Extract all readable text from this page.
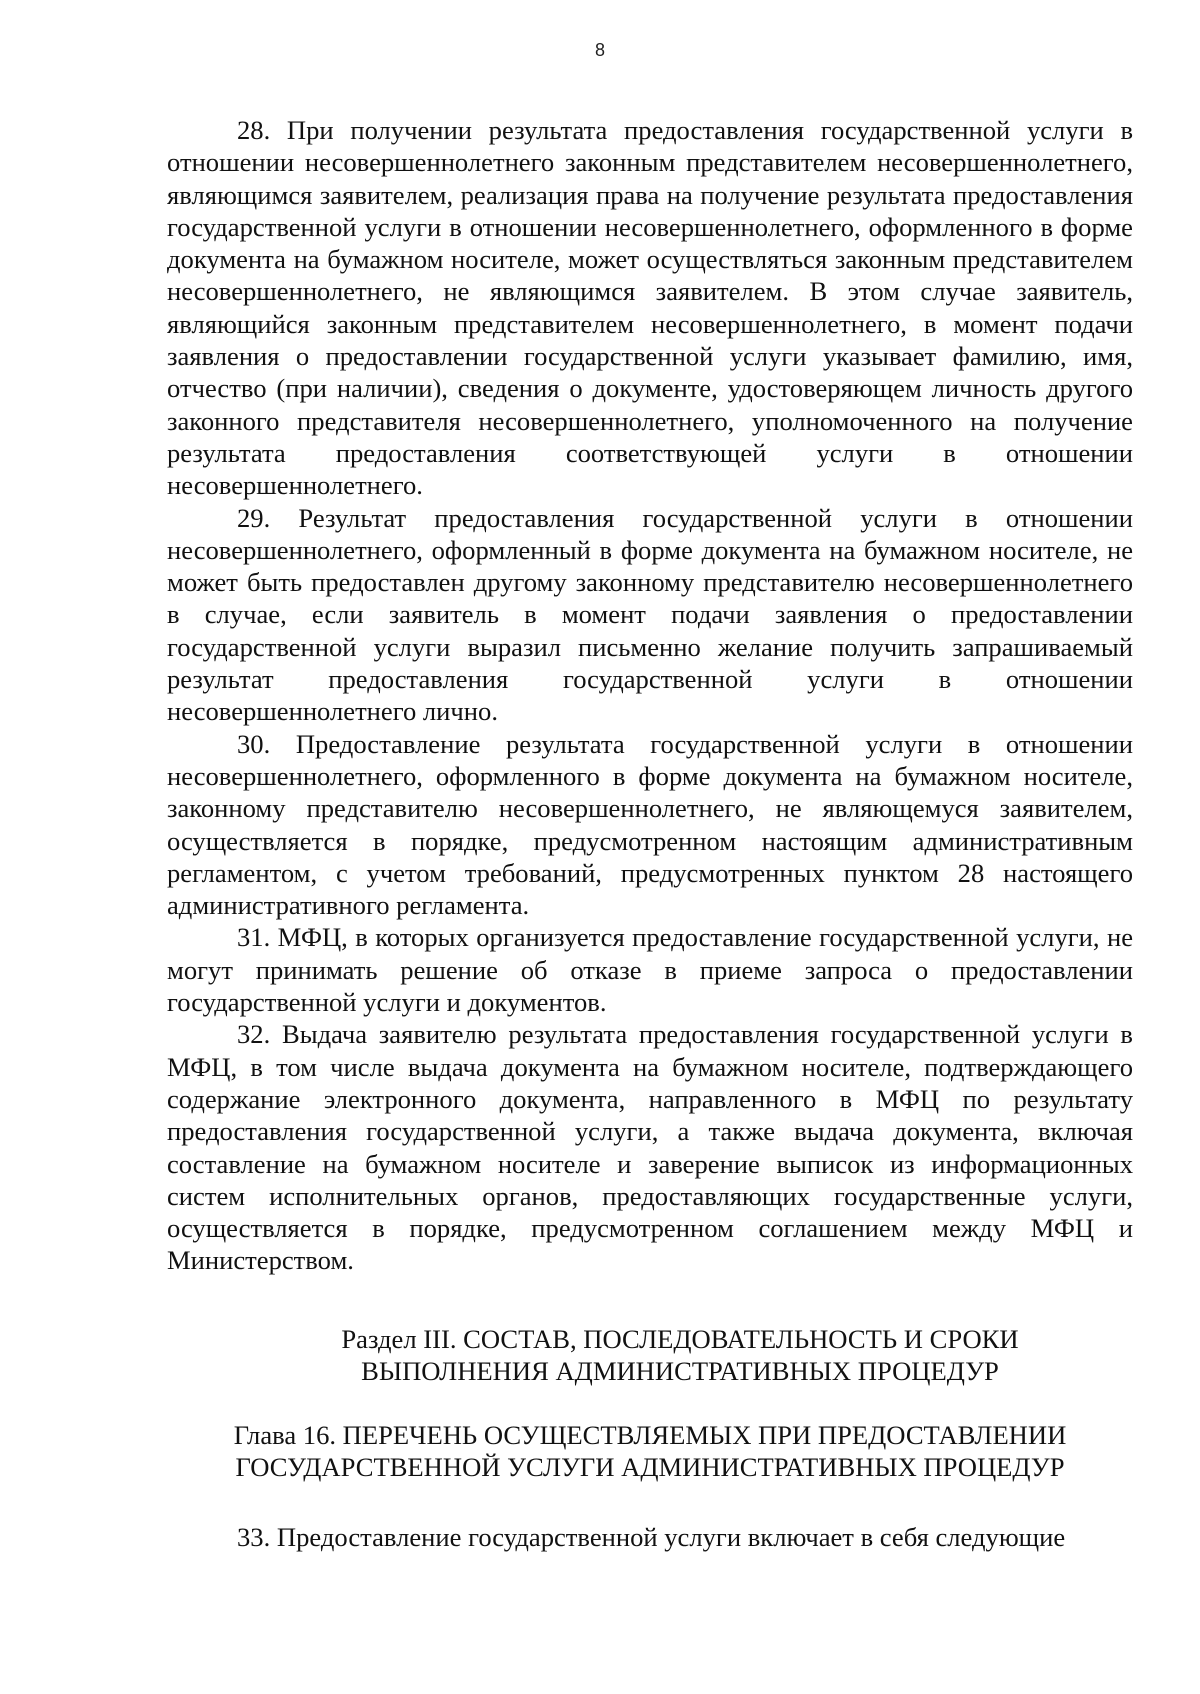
8

28. При получении результата предоставления государственной услуги в отношении несовершеннолетнего законным представителем несовершеннолетнего, являющимся заявителем, реализация права на получение результата предоставления государственной услуги в отношении несовершеннолетнего, оформленного в форме документа на бумажном носителе, может осуществляться законным представителем несовершеннолетнего, не являющимся заявителем. В этом случае заявитель, являющийся законным представителем несовершеннолетнего, в момент подачи заявления о предоставлении государственной услуги указывает фамилию, имя, отчество (при наличии), сведения о документе, удостоверяющем личность другого законного представителя несовершеннолетнего, уполномоченного на получение результата предоставления соответствующей услуги в отношении несовершеннолетнего.

29. Результат предоставления государственной услуги в отношении несовершеннолетнего, оформленный в форме документа на бумажном носителе, не может быть предоставлен другому законному представителю несовершеннолетнего в случае, если заявитель в момент подачи заявления о предоставлении государственной услуги выразил письменно желание получить запрашиваемый результат предоставления государственной услуги в отношении несовершеннолетнего лично.

30. Предоставление результата государственной услуги в отношении несовершеннолетнего, оформленного в форме документа на бумажном носителе, законному представителю несовершеннолетнего, не являющемуся заявителем, осуществляется в порядке, предусмотренном настоящим административным регламентом, с учетом требований, предусмотренных пунктом 28 настоящего административного регламента.

31. МФЦ, в которых организуется предоставление государственной услуги, не могут принимать решение об отказе в приеме запроса о предоставлении государственной услуги и документов.

32. Выдача заявителю результата предоставления государственной услуги в МФЦ, в том числе выдача документа на бумажном носителе, подтверждающего содержание электронного документа, направленного в МФЦ по результату предоставления государственной услуги, а также выдача документа, включая составление на бумажном носителе и заверение выписок из информационных систем исполнительных органов, предоставляющих государственные услуги, осуществляется в порядке, предусмотренном соглашением между МФЦ и Министерством.

Раздел III. СОСТАВ, ПОСЛЕДОВАТЕЛЬНОСТЬ И СРОКИ
ВЫПОЛНЕНИЯ АДМИНИСТРАТИВНЫХ ПРОЦЕДУР
Глава 16. ПЕРЕЧЕНЬ ОСУЩЕСТВЛЯЕМЫХ ПРИ ПРЕДОСТАВЛЕНИИ
ГОСУДАРСТВЕННОЙ УСЛУГИ АДМИНИСТРАТИВНЫХ ПРОЦЕДУР

33. Предоставление государственной услуги включает в себя следующие
